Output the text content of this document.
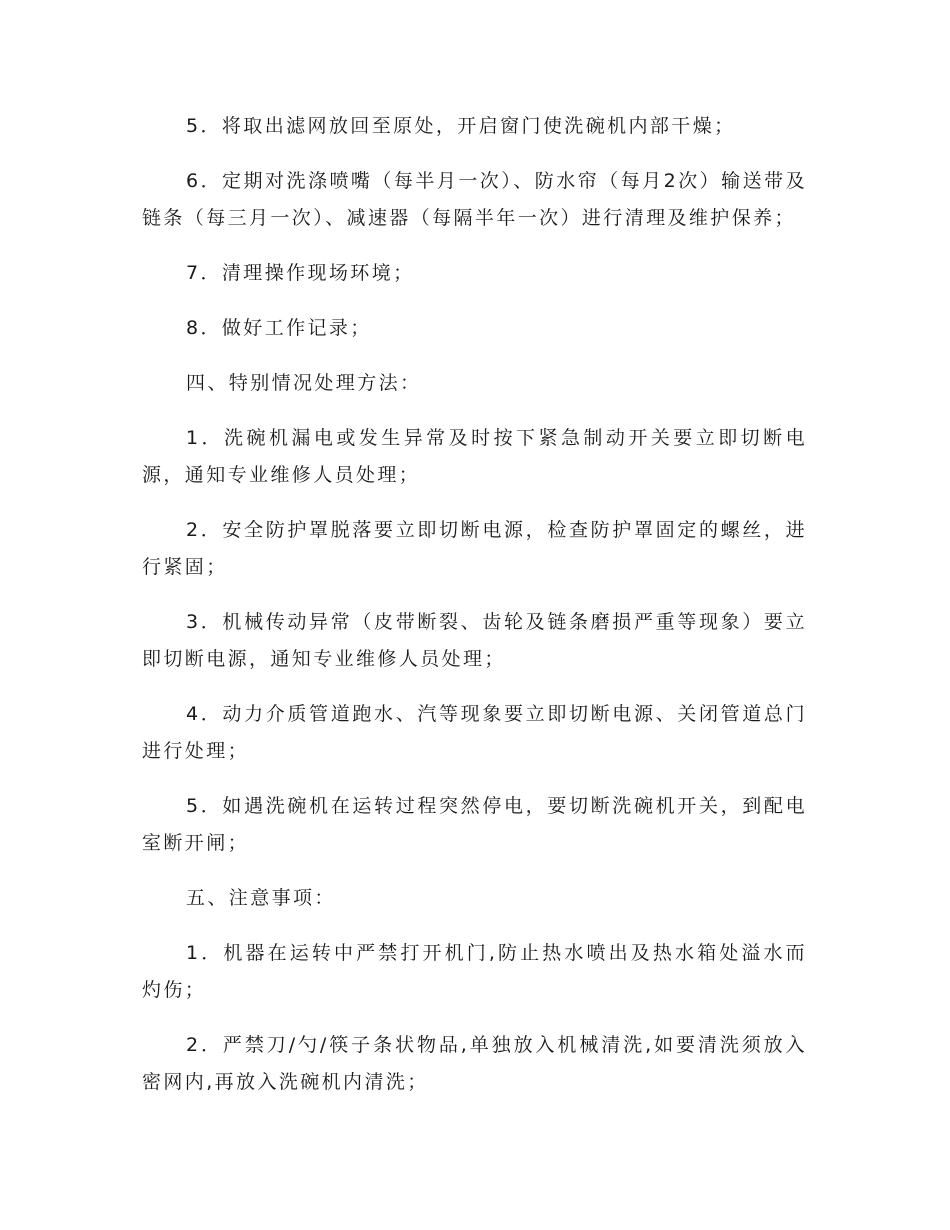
5．将取出滤网放回至原处，开启窗门使洗碗机内部干燥；

6．定期对洗涤喷嘴（每半月一次）、防水帘（每月2次）输送带及链条（每三月一次）、减速器（每隔半年一次）进行清理及维护保养；

7．清理操作现场环境；

8．做好工作记录；

四、特别情况处理方法：

1．洗碗机漏电或发生异常及时按下紧急制动开关要立即切断电源，通知专业维修人员处理；

2．安全防护罩脱落要立即切断电源，检查防护罩固定的螺丝，进行紧固；

3．机械传动异常（皮带断裂、齿轮及链条磨损严重等现象）要立即切断电源，通知专业维修人员处理；

4．动力介质管道跑水、汽等现象要立即切断电源、关闭管道总门进行处理；

5．如遇洗碗机在运转过程突然停电，要切断洗碗机开关，到配电室断开闸；

五、注意事项：

1．机器在运转中严禁打开机门,防止热水喷出及热水箱处溢水而灼伤；

2．严禁刀/勺/筷子条状物品,单独放入机械清洗,如要清洗须放入密网内,再放入洗碗机内清洗；
